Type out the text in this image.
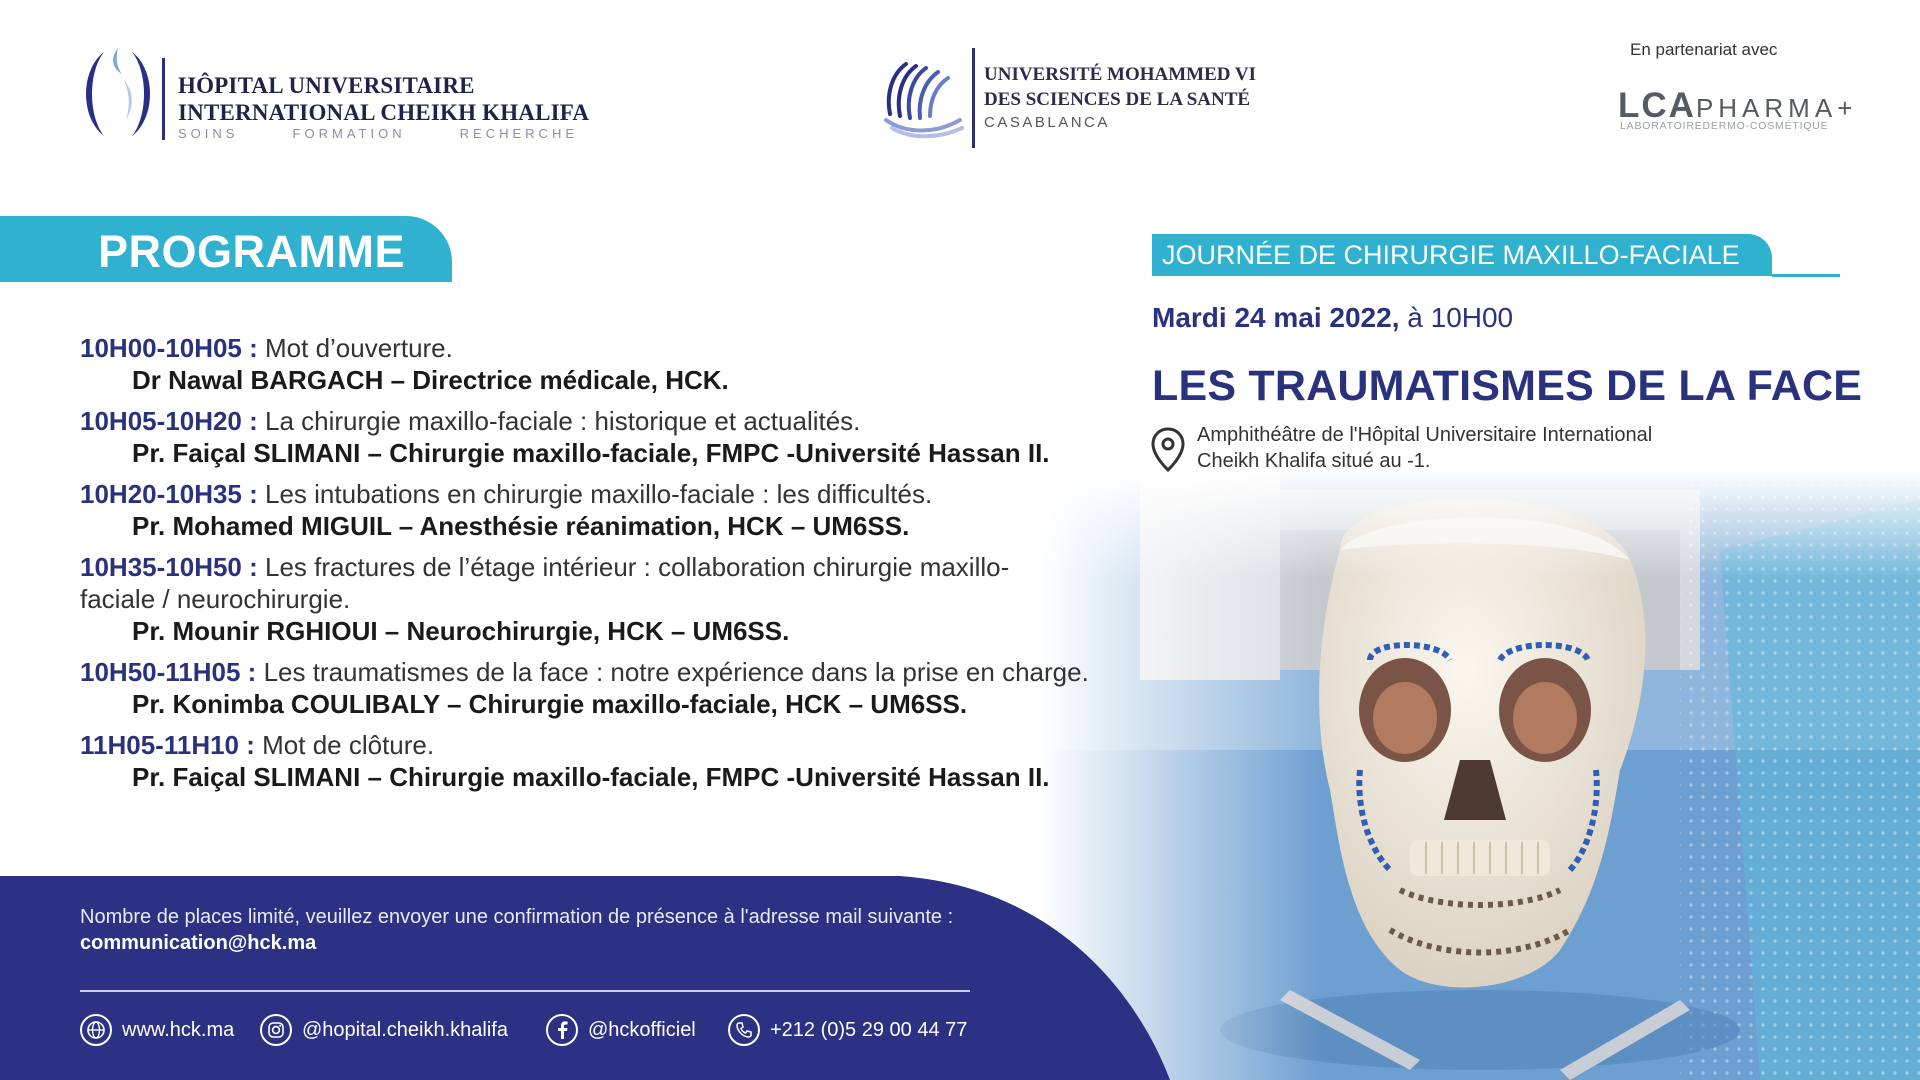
HÔPITAL UNIVERSITAIRE
INTERNATIONAL CHEIKH KHALIFA
SOINS	FORMATION	RECHERCHE
UNIVERSITÉ MOHAMMED VI
DES SCIENCES DE LA SANTÉ
CASABLANCA
En partenariat avec
LCAPHARMA+
LABORATOIREDERMO-COSMÉTIQUE
PROGRAMME
10H00-10H05 : Mot d’ouverture.
Dr Nawal BARGACH – Directrice médicale, HCK.
10H05-10H20 : La chirurgie maxillo-faciale : historique et actualités.
Pr. Faiçal SLIMANI – Chirurgie maxillo-faciale, FMPC -Université Hassan II.
10H20-10H35 : Les intubations en chirurgie maxillo-faciale : les difficultés.
Pr. Mohamed MIGUIL – Anesthésie réanimation, HCK – UM6SS.
10H35-10H50 : Les fractures de l’étage intérieur : collaboration chirurgie maxillo-faciale / neurochirurgie.
Pr. Mounir RGHIOUI – Neurochirurgie, HCK – UM6SS.
10H50-11H05 : Les traumatismes de la face : notre expérience dans la prise en charge.
Pr. Konimba COULIBALY – Chirurgie maxillo-faciale, HCK – UM6SS.
11H05-11H10 : Mot de clôture.
Pr. Faiçal SLIMANI – Chirurgie maxillo-faciale, FMPC -Université Hassan II.
JOURNÉE DE CHIRURGIE MAXILLO-FACIALE
Mardi 24 mai 2022, à 10H00
LES TRAUMATISMES DE LA FACE
Amphithéâtre de l'Hôpital Universitaire International
Cheikh Khalifa situé au -1.
Nombre de places limité, veuillez envoyer une confirmation de présence à l'adresse mail suivante :
communication@hck.ma
www.hck.ma	@hopital.cheikh.khalifa	@hckofficiel	+212 (0)5 29 00 44 77
